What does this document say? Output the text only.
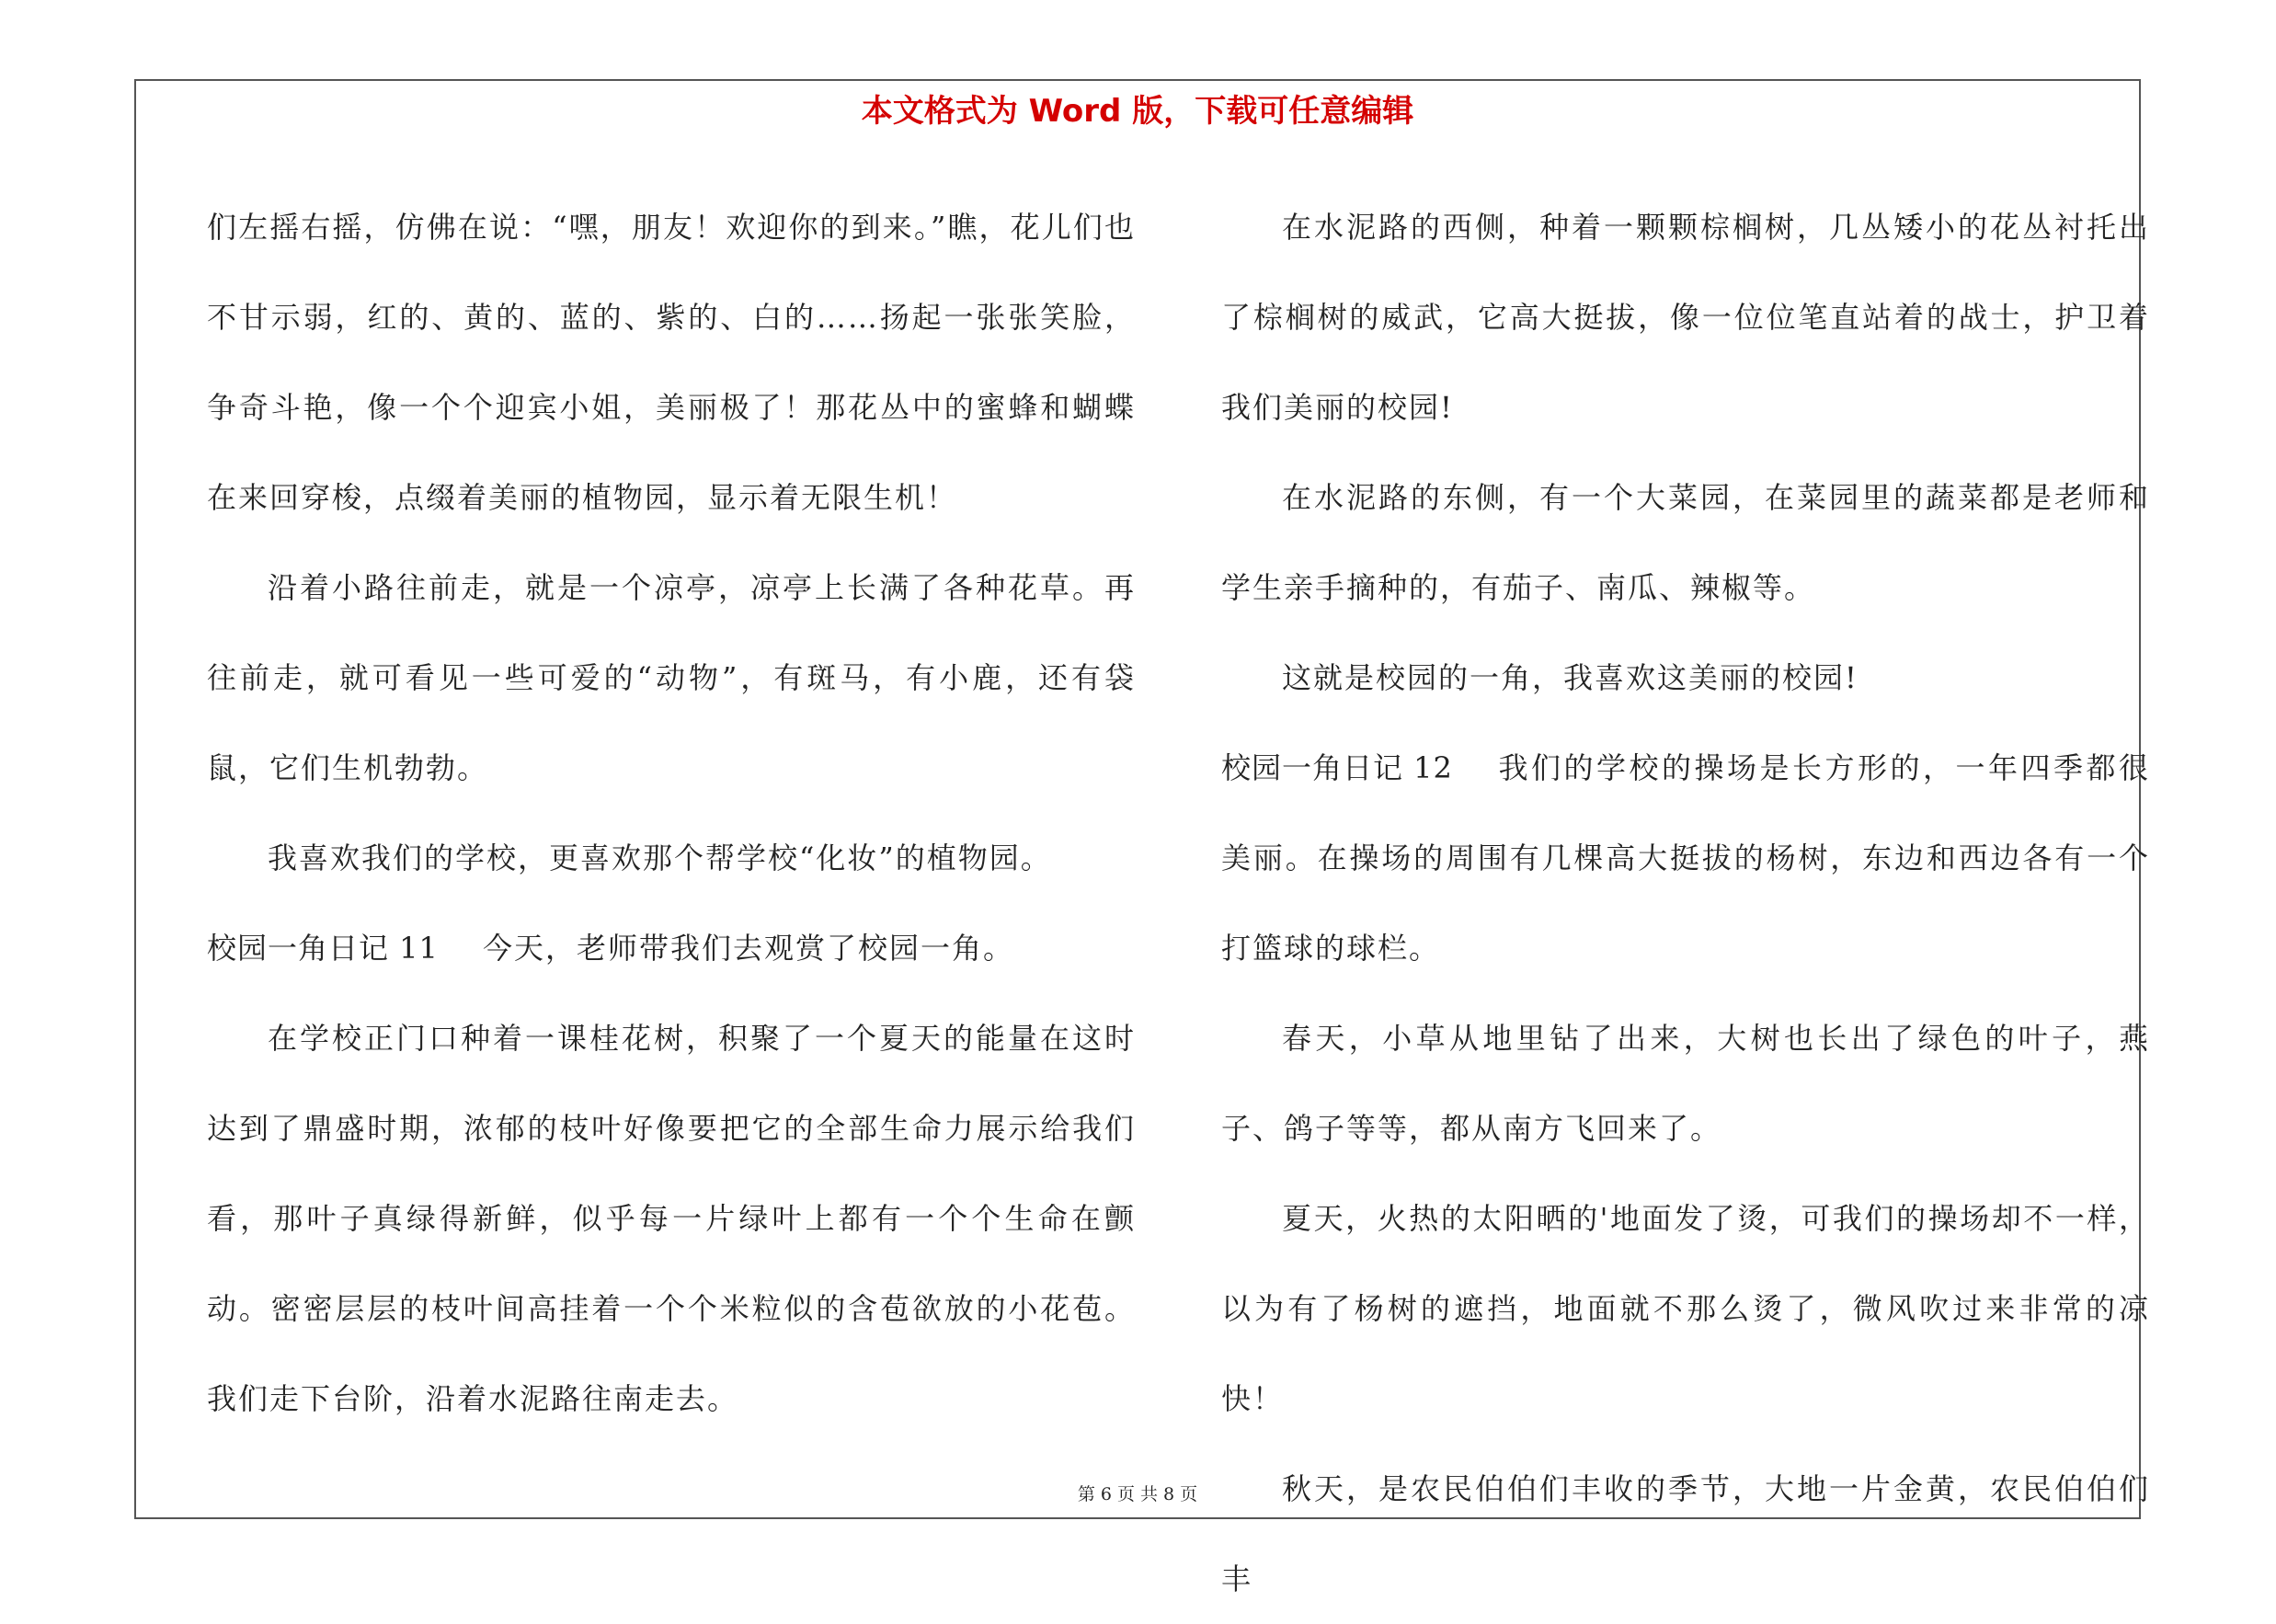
本文格式为 Word 版，下载可任意编辑

们左摇右摇，仿佛在说：“嘿，朋友！欢迎你的到来。”瞧，花儿们也不甘示弱，红的、黄的、蓝的、紫的、白的……扬起一张张笑脸，争奇斗艳，像一个个迎宾小姐，美丽极了！那花丛中的蜜蜂和蝴蝶在来回穿梭，点缀着美丽的植物园，显示着无限生机！

沿着小路往前走，就是一个凉亭，凉亭上长满了各种花草。再往前走，就可看见一些可爱的“动物”，有斑马，有小鹿，还有袋鼠，它们生机勃勃。

我喜欢我们的学校，更喜欢那个帮学校“化妆”的植物园。

校园一角日记 11 今天，老师带我们去观赏了校园一角。

在学校正门口种着一课桂花树，积聚了一个夏天的能量在这时达到了鼎盛时期，浓郁的枝叶好像要把它的全部生命力展示给我们看，那叶子真绿得新鲜，似乎每一片绿叶上都有一个个生命在颤动。密密层层的枝叶间高挂着一个个米粒似的含苞欲放的小花苞。我们走下台阶，沿着水泥路往南走去。

在水泥路的西侧，种着一颗颗棕榈树，几丛矮小的花丛衬托出了棕榈树的威武，它高大挺拔，像一位位笔直站着的战士，护卫着我们美丽的校园!

在水泥路的东侧，有一个大菜园，在菜园里的蔬菜都是老师和学生亲手摘种的，有茄子、南瓜、辣椒等。

这就是校园的一角，我喜欢这美丽的校园!

校园一角日记 12 我们的学校的操场是长方形的，一年四季都很美丽。在操场的周围有几棵高大挺拔的杨树，东边和西边各有一个打篮球的球栏。

春天，小草从地里钻了出来，大树也长出了绿色的叶子，燕子、鸽子等等，都从南方飞回来了。

夏天，火热的太阳晒的'地面发了烫，可我们的操场却不一样，以为有了杨树的遮挡，地面就不那么烫了，微风吹过来非常的凉快！

秋天，是农民伯伯们丰收的季节，大地一片金黄，农民伯伯们丰

第 6 页 共 8 页
